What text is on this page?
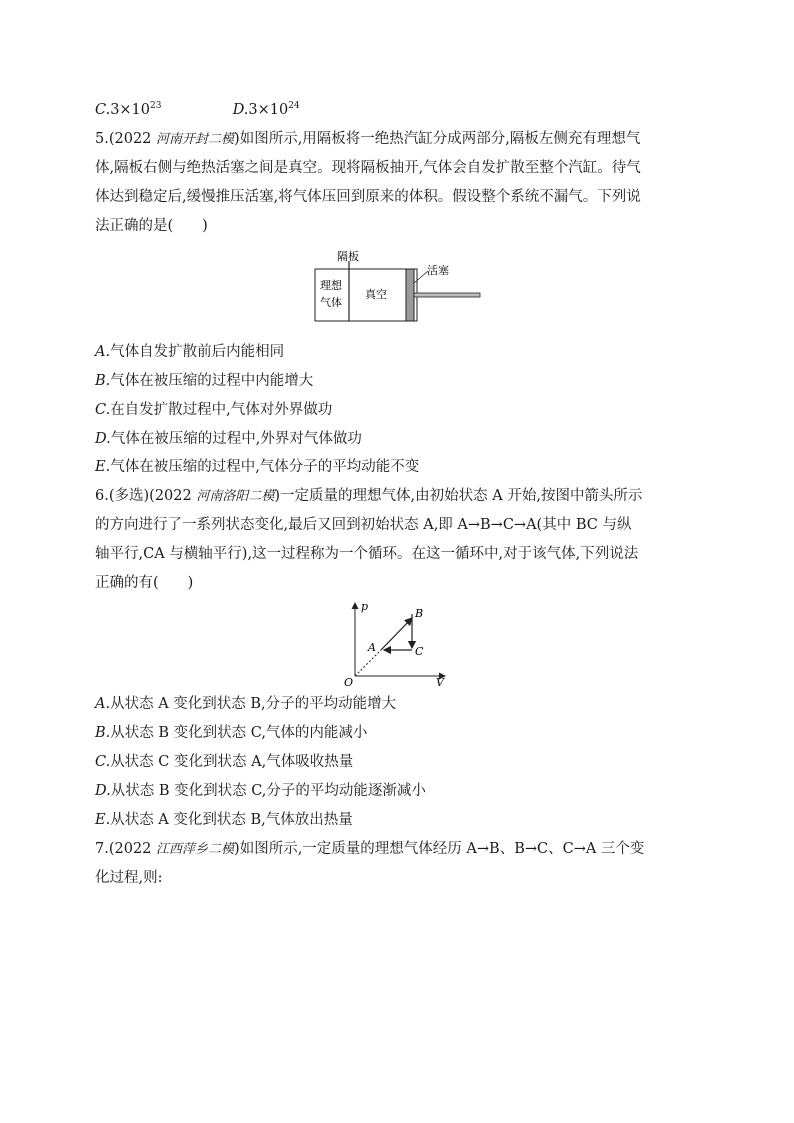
$C.3\times 10^{23}$	$D.3\times 10^{24}$
5.(2022 河南开封二模)如图所示,用隔板将一绝热汽缸分成两部分,隔板左侧充有理想气
体,隔板右侧与绝热活塞之间是真空。现将隔板抽开,气体会自发扩散至整个汽缸。待气
体达到稳定后,缓慢推压活塞,将气体压回到原来的体积。假设整个系统不漏气。下列说
法正确的是(　　)
隔板
活塞
理想
气体
真空
A.气体自发扩散前后内能相同
B.气体在被压缩的过程中内能增大
C.在自发扩散过程中,气体对外界做功
D.气体在被压缩的过程中,外界对气体做功
E.气体在被压缩的过程中,气体分子的平均动能不变
6.(多选)(2022 河南洛阳二模)一定质量的理想气体,由初始状态 A 开始,按图中箭头所示
的方向进行了一系列状态变化,最后又回到初始状态 A,即 A→B→C→A(其中 BC 与纵
轴平行,CA 与横轴平行),这一过程称为一个循环。在这一循环中,对于该气体,下列说法
正确的有(　　)
p
V
O
A
B
C
A.从状态 A 变化到状态 B,分子的平均动能增大
B.从状态 B 变化到状态 C,气体的内能减小
C.从状态 C 变化到状态 A,气体吸收热量
D.从状态 B 变化到状态 C,分子的平均动能逐渐减小
E.从状态 A 变化到状态 B,气体放出热量
7.(2022 江西萍乡二模)如图所示,一定质量的理想气体经历 A→B、B→C、C→A 三个变
化过程,则:
